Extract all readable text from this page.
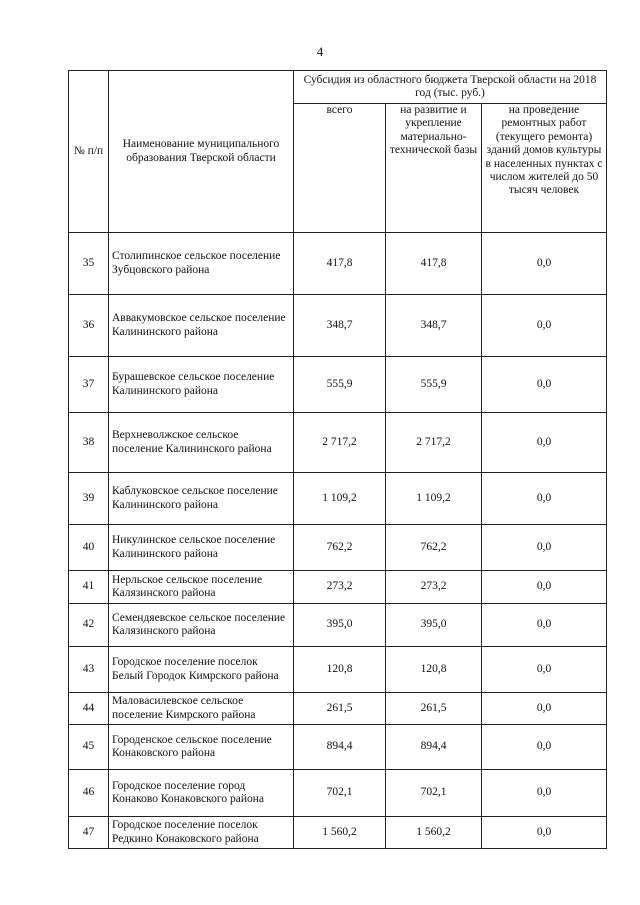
4
№ п/п	Наименование муниципального образования Тверской области	Субсидия из областного бюджета Тверской области на 2018 год (тыс. руб.)		
		всего	на развитие и укрепление материально-технической базы	на проведение ремонтных работ (текущего ремонта) зданий домов культуры в населенных пунктах с числом жителей до 50 тысяч человек
35	Столипинское сельское поселение Зубцовского района	417,8	417,8	0,0
36	Аввакумовское сельское поселение Калининского района	348,7	348,7	0,0
37	Бурашевское сельское поселение Калининского района	555,9	555,9	0,0
38	Верхневолжское сельское поселение Калининского района	2 717,2	2 717,2	0,0
39	Каблуковское сельское поселение Калининского района	1 109,2	1 109,2	0,0
40	Никулинское сельское поселение Калининского района	762,2	762,2	0,0
41	Нерльское сельское поселение Калязинского района	273,2	273,2	0,0
42	Семендяевское сельское поселение Калязинского района	395,0	395,0	0,0
43	Городское поселение поселок Белый Городок Кимрского района	120,8	120,8	0,0
44	Маловасилевское сельское поселение Кимрского района	261,5	261,5	0,0
45	Городенское сельское поселение Конаковского района	894,4	894,4	0,0
46	Городское поселение город Конаково Конаковского района	702,1	702,1	0,0
47	Городское поселение поселок Редкино Конаковского района	1 560,2	1 560,2	0,0
